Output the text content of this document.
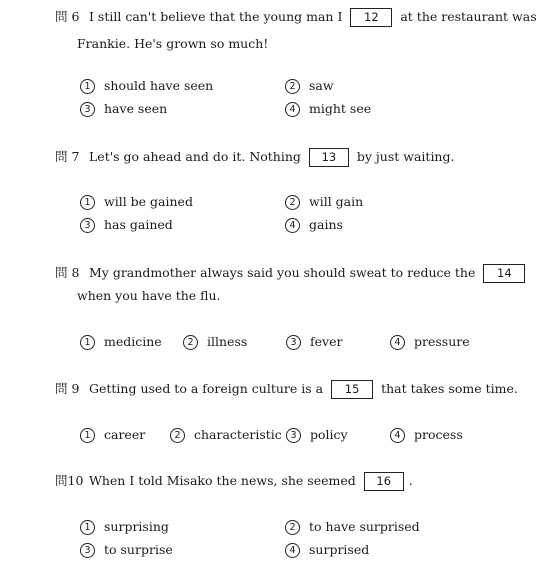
問 6 I still can't believe that the young man I 12 at the restaurant was
Frankie. He's grown so much!
1 should have seen	2 saw
3 have seen	4 might see
問 7 Let's go ahead and do it. Nothing 13 by just waiting.
1 will be gained	2 will gain
3 has gained	4 gains
問 8 My grandmother always said you should sweat to reduce the 14
when you have the flu.
1 medicine	2 illness	3 fever	4 pressure
問 9 Getting used to a foreign culture is a 15 that takes some time.
1 career	2 characteristic 3 policy	4 process
問10 When I told Misako the news, she seemed 16 .
1 surprising	2 to have surprised
3 to surprise	4 surprised
